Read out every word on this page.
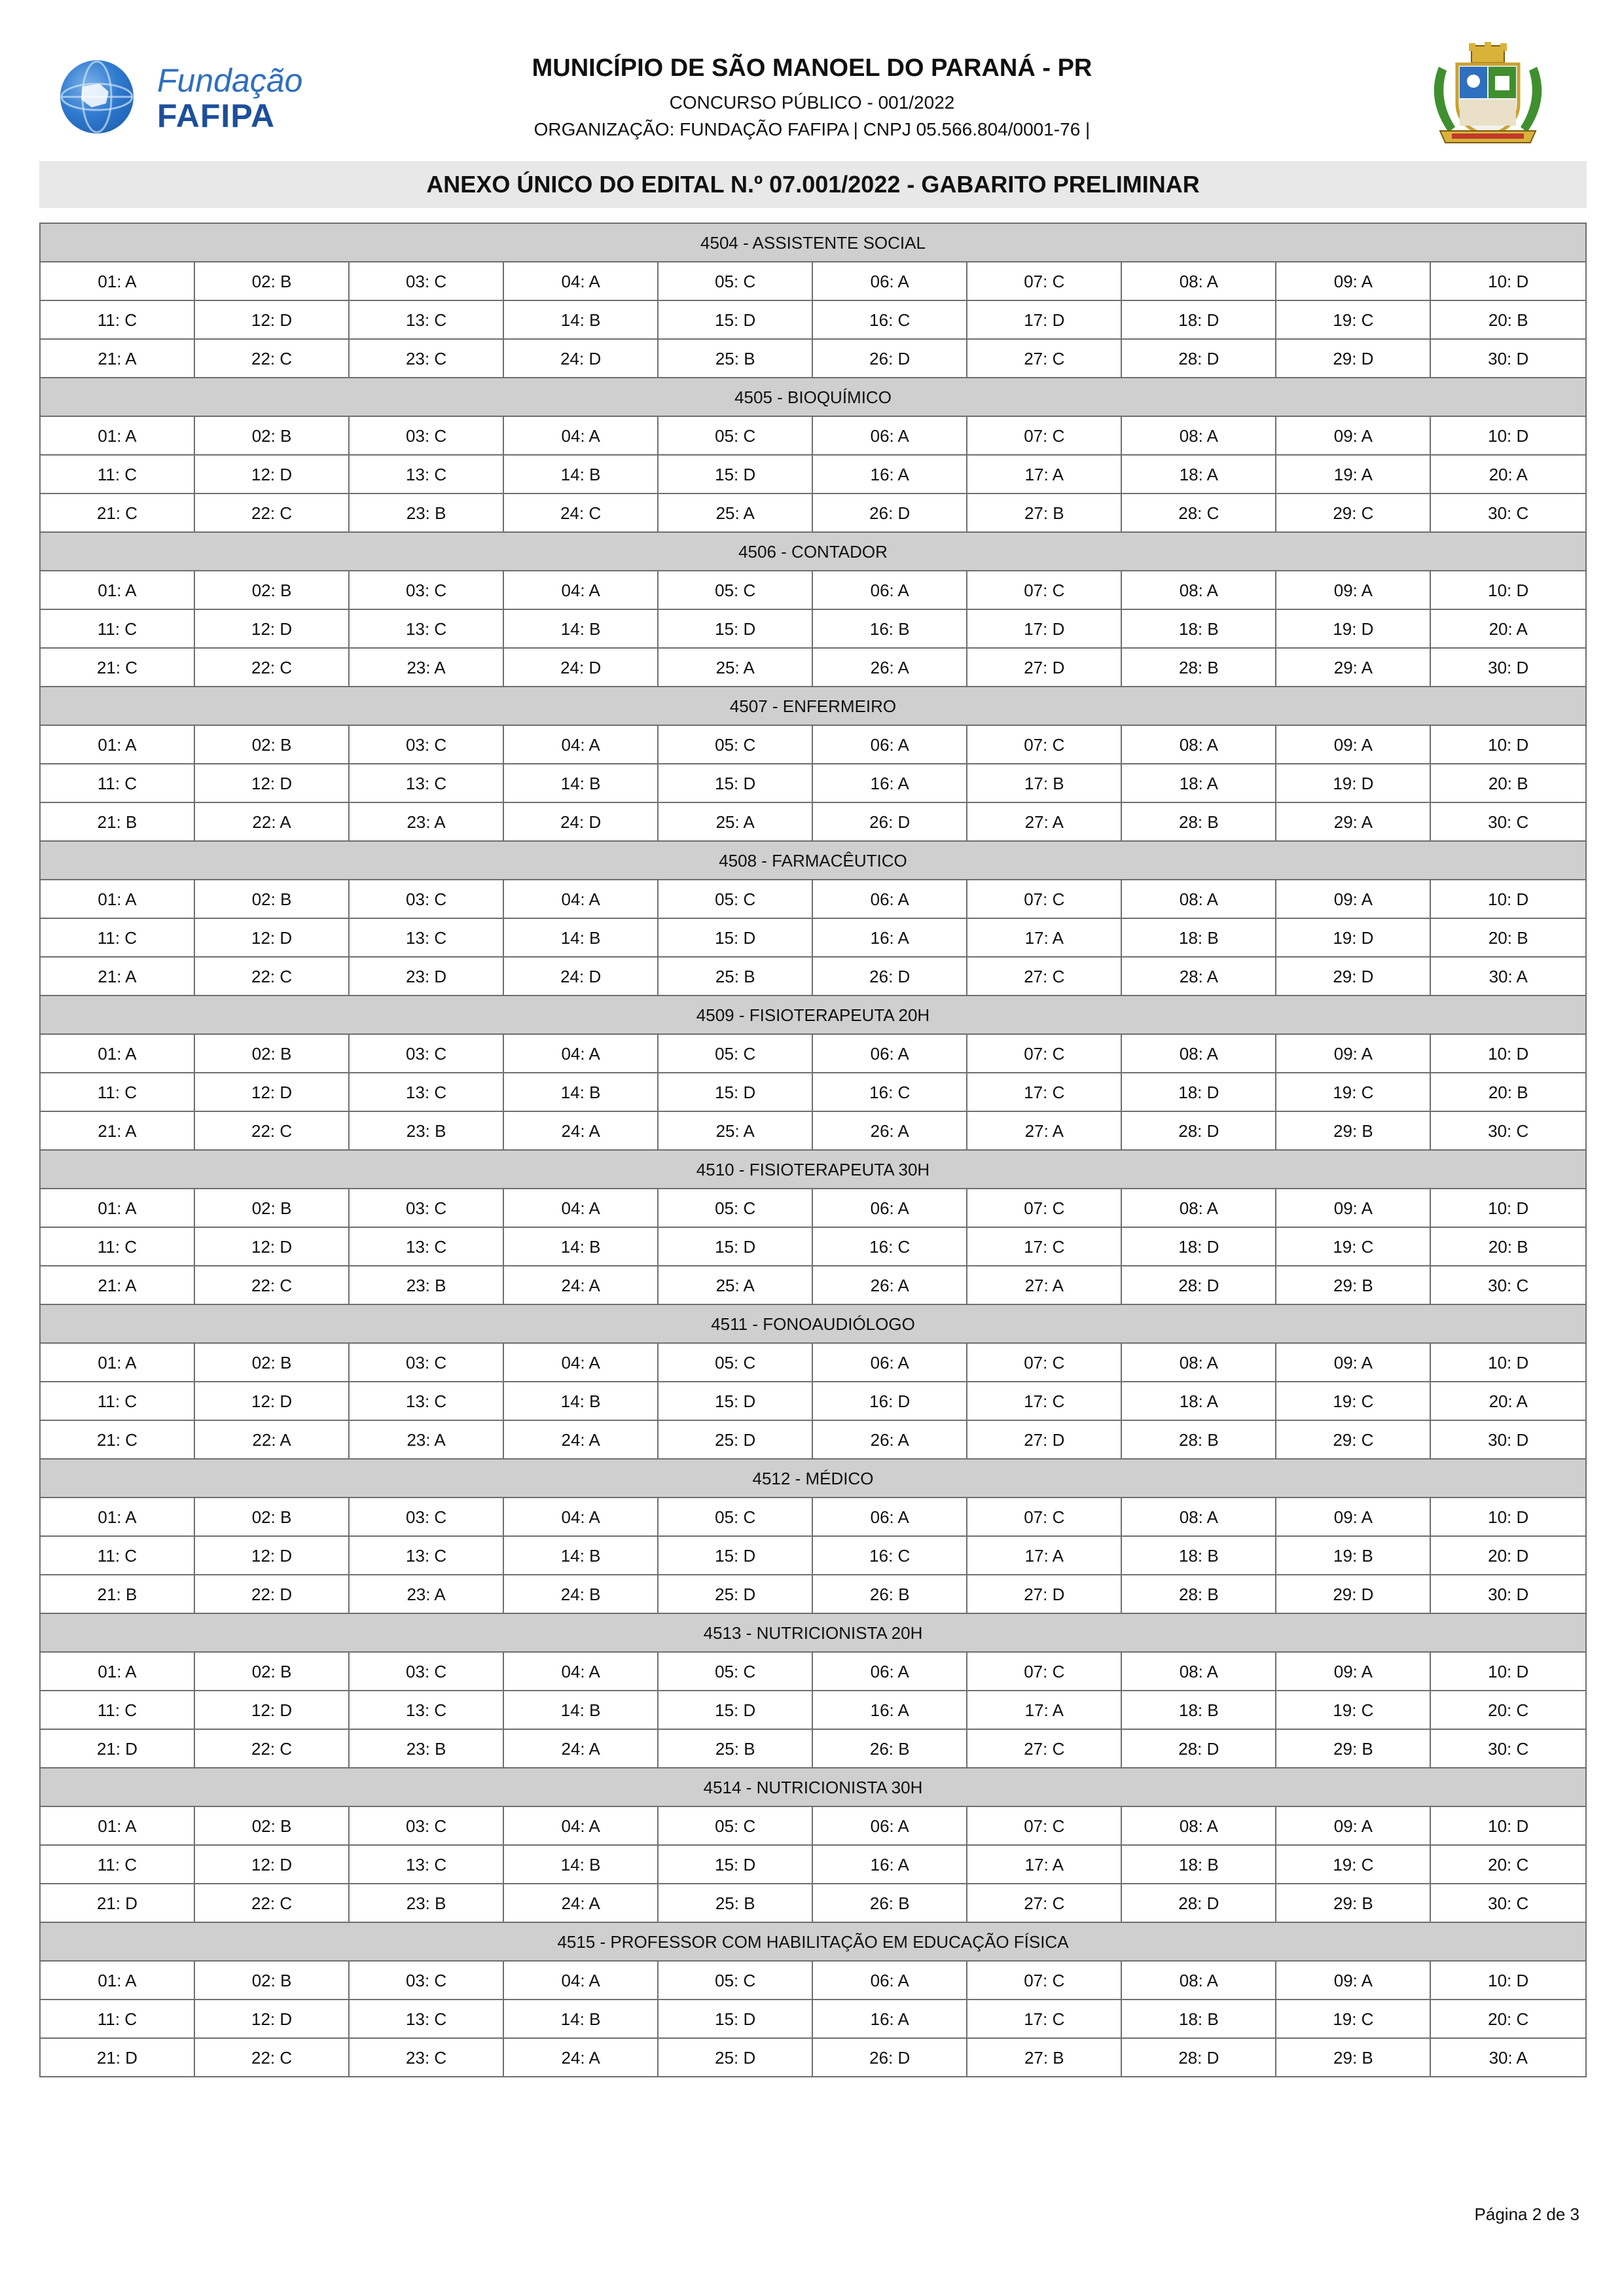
Fundação
FAFIPA
MUNICÍPIO DE SÃO MANOEL DO PARANÁ - PR
CONCURSO PÚBLICO - 001/2022
ORGANIZAÇÃO: FUNDAÇÃO FAFIPA | CNPJ 05.566.804/0001-76 |
ANEXO ÚNICO DO EDITAL N.º 07.001/2022 - GABARITO PRELIMINAR
4504 - ASSISTENTE SOCIAL									
01: A	02: B	03: C	04: A	05: C	06: A	07: C	08: A	09: A	10: D
11: C	12: D	13: C	14: B	15: D	16: C	17: D	18: D	19: C	20: B
21: A	22: C	23: C	24: D	25: B	26: D	27: C	28: D	29: D	30: D
4505 - BIOQUÍMICO									
01: A	02: B	03: C	04: A	05: C	06: A	07: C	08: A	09: A	10: D
11: C	12: D	13: C	14: B	15: D	16: A	17: A	18: A	19: A	20: A
21: C	22: C	23: B	24: C	25: A	26: D	27: B	28: C	29: C	30: C
4506 - CONTADOR									
01: A	02: B	03: C	04: A	05: C	06: A	07: C	08: A	09: A	10: D
11: C	12: D	13: C	14: B	15: D	16: B	17: D	18: B	19: D	20: A
21: C	22: C	23: A	24: D	25: A	26: A	27: D	28: B	29: A	30: D
4507 - ENFERMEIRO									
01: A	02: B	03: C	04: A	05: C	06: A	07: C	08: A	09: A	10: D
11: C	12: D	13: C	14: B	15: D	16: A	17: B	18: A	19: D	20: B
21: B	22: A	23: A	24: D	25: A	26: D	27: A	28: B	29: A	30: C
4508 - FARMACÊUTICO									
01: A	02: B	03: C	04: A	05: C	06: A	07: C	08: A	09: A	10: D
11: C	12: D	13: C	14: B	15: D	16: A	17: A	18: B	19: D	20: B
21: A	22: C	23: D	24: D	25: B	26: D	27: C	28: A	29: D	30: A
4509 - FISIOTERAPEUTA 20H									
01: A	02: B	03: C	04: A	05: C	06: A	07: C	08: A	09: A	10: D
11: C	12: D	13: C	14: B	15: D	16: C	17: C	18: D	19: C	20: B
21: A	22: C	23: B	24: A	25: A	26: A	27: A	28: D	29: B	30: C
4510 - FISIOTERAPEUTA 30H									
01: A	02: B	03: C	04: A	05: C	06: A	07: C	08: A	09: A	10: D
11: C	12: D	13: C	14: B	15: D	16: C	17: C	18: D	19: C	20: B
21: A	22: C	23: B	24: A	25: A	26: A	27: A	28: D	29: B	30: C
4511 - FONOAUDIÓLOGO									
01: A	02: B	03: C	04: A	05: C	06: A	07: C	08: A	09: A	10: D
11: C	12: D	13: C	14: B	15: D	16: D	17: C	18: A	19: C	20: A
21: C	22: A	23: A	24: A	25: D	26: A	27: D	28: B	29: C	30: D
4512 - MÉDICO									
01: A	02: B	03: C	04: A	05: C	06: A	07: C	08: A	09: A	10: D
11: C	12: D	13: C	14: B	15: D	16: C	17: A	18: B	19: B	20: D
21: B	22: D	23: A	24: B	25: D	26: B	27: D	28: B	29: D	30: D
4513 - NUTRICIONISTA 20H									
01: A	02: B	03: C	04: A	05: C	06: A	07: C	08: A	09: A	10: D
11: C	12: D	13: C	14: B	15: D	16: A	17: A	18: B	19: C	20: C
21: D	22: C	23: B	24: A	25: B	26: B	27: C	28: D	29: B	30: C
4514 - NUTRICIONISTA 30H									
01: A	02: B	03: C	04: A	05: C	06: A	07: C	08: A	09: A	10: D
11: C	12: D	13: C	14: B	15: D	16: A	17: A	18: B	19: C	20: C
21: D	22: C	23: B	24: A	25: B	26: B	27: C	28: D	29: B	30: C
4515 - PROFESSOR COM HABILITAÇÃO EM EDUCAÇÃO FÍSICA									
01: A	02: B	03: C	04: A	05: C	06: A	07: C	08: A	09: A	10: D
11: C	12: D	13: C	14: B	15: D	16: A	17: C	18: B	19: C	20: C
21: D	22: C	23: C	24: A	25: D	26: D	27: B	28: D	29: B	30: A
Página 2 de 3
